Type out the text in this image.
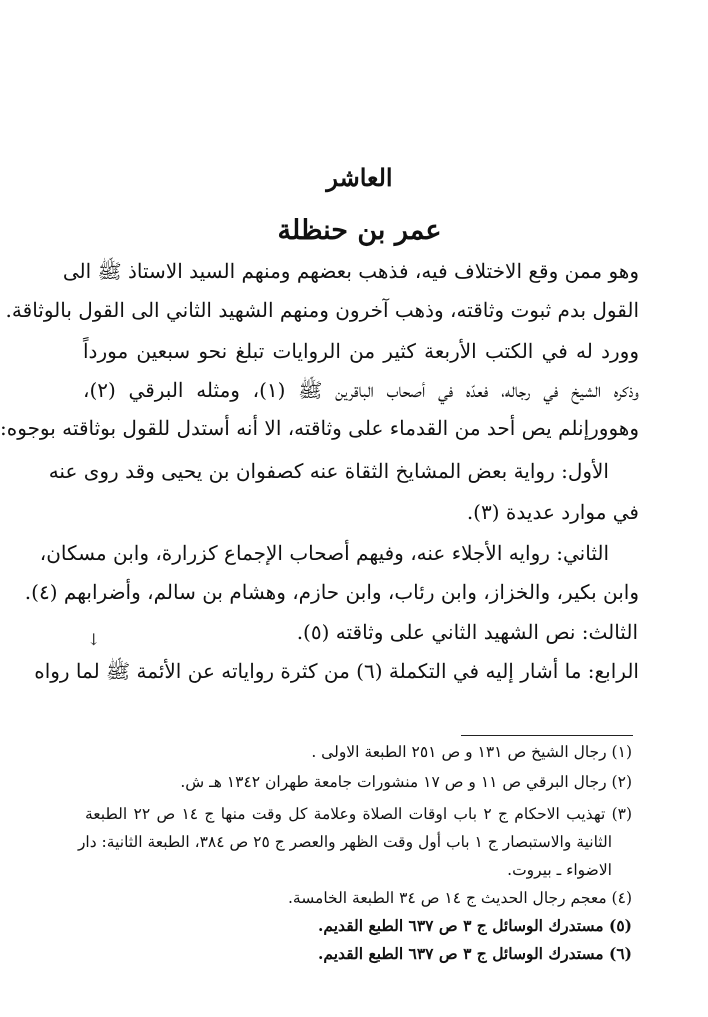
العاشر
عمر بن حنظلة
وهو ممن وقع الاختلاف فيه، فذهب بعضهم ومنهم السيد الاستاذ ﷺ الى
القول بدم ثبوت وثاقته، وذهب آخرون ومنهم الشهيد الثاني الى القول بالوثاقة.
وورد له في الكتب الأربعة كثير من الروايات تبلغ نحو سبعين مورداً
وذكره الشيخ في رجاله، فعدّه في أصحاب الباقرين ﷺ (١)، ومثله البرقي (٢)،
وهوورإنلم يص أحد من القدماء على وثاقته، الا أنه أستدل للقول بوثاقته بوجوه:
الأول: رواية بعض المشايخ الثقاة عنه كصفوان بن يحيى وقد روى عنه
في موارد عديدة (٣).
الثاني: روايه الأجلاء عنه، وفيهم أصحاب الإجماع كزرارة، وابن مسكان،
وابن بكير، والخزاز، وابن رئاب، وابن حازم، وهشام بن سالم، وأضرابهم (٤).
الثالث: نص الشهيد الثاني على وثاقته (٥).
الرابع: ما أشار إليه في التكملة (٦) من كثرة رواياته عن الأئمة ﷺ لما رواه
↓
(١) رجال الشيخ ص ١٣١ و ص ٢٥١ الطبعة الاولى .
(٢) رجال البرقي ص ١١ و ص ١٧ منشورات جامعة طهران ١٣٤٢ هـ ش.
(٣) تهذيب الاحكام ج ٢ باب اوقات الصلاة وعلامة كل وقت منها ج ١٤ ص ٢٢ الطبعة
الثانية والاستبصار ج ١ باب أول وقت الظهر والعصر ج ٢٥ ص ٣٨٤، الطبعة الثانية: دار
الاضواء ـ بيروت.
(٤) معجم رجال الحديث ج ١٤ ص ٣٤ الطبعة الخامسة.
(٥) مستدرك الوسائل ج ٣ ص ٦٣٧ الطبع القديم.
(٦) مستدرك الوسائل ج ٣ ص ٦٣٧ الطبع القديم.
